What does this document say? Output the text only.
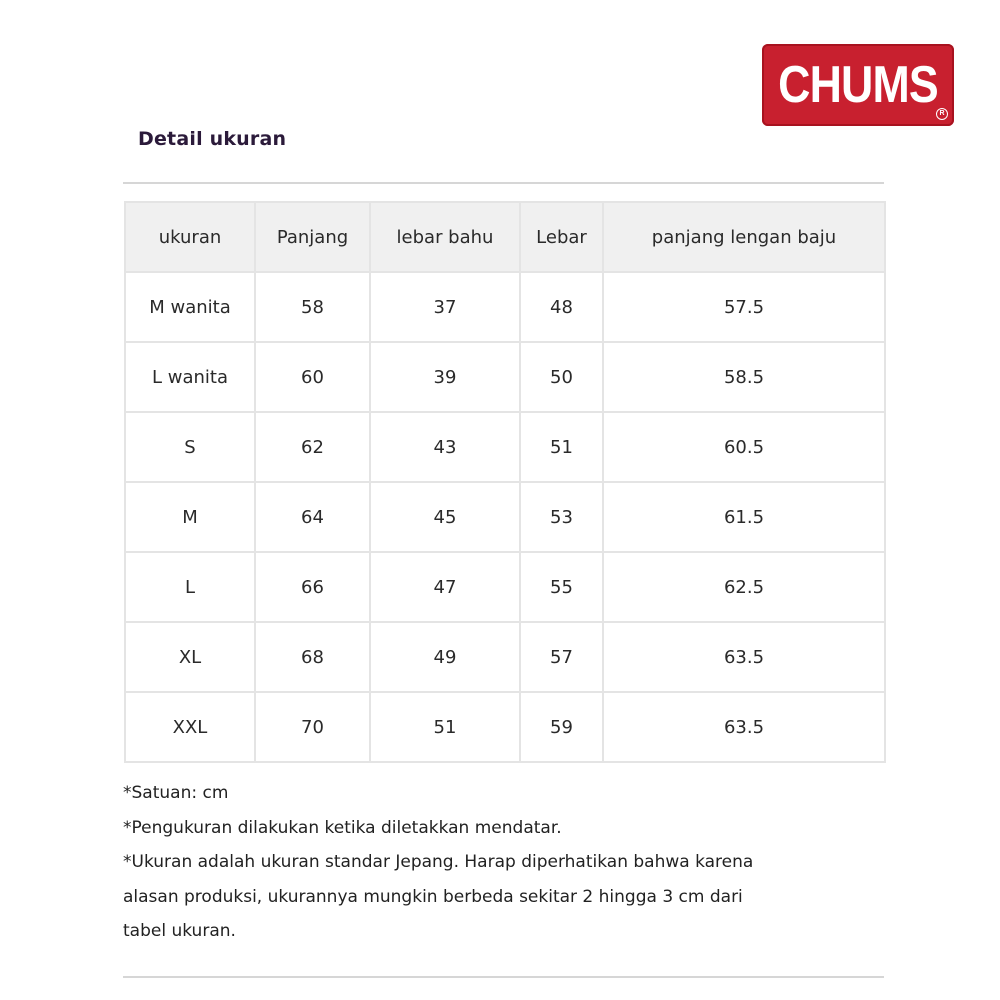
CHUMS R
Detail ukuran
ukuran	Panjang	lebar bahu	Lebar	panjang lengan baju
M wanita	58	37	48	57.5
L wanita	60	39	50	58.5
S	62	43	51	60.5
M	64	45	53	61.5
L	66	47	55	62.5
XL	68	49	57	63.5
XXL	70	51	59	63.5

*Satuan: cm

*Pengukuran dilakukan ketika diletakkan mendatar.

*Ukuran adalah ukuran standar Jepang. Harap diperhatikan bahwa karena

alasan produksi, ukurannya mungkin berbeda sekitar 2 hingga 3 cm dari

tabel ukuran.
